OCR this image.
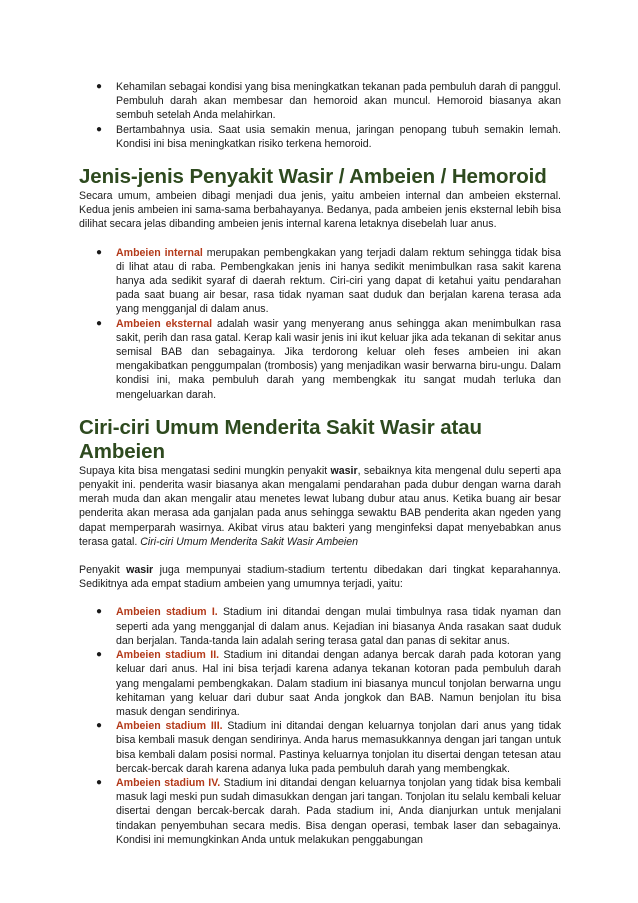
● Kehamilan sebagai kondisi yang bisa meningkatkan tekanan pada pembuluh darah di panggul. Pembuluh darah akan membesar dan hemoroid akan muncul. Hemoroid biasanya akan sembuh setelah Anda melahirkan.
● Bertambahnya usia. Saat usia semakin menua, jaringan penopang tubuh semakin lemah. Kondisi ini bisa meningkatkan risiko terkena hemoroid.
Jenis-jenis Penyakit Wasir / Ambeien / Hemoroid

Secara umum, ambeien dibagi menjadi dua jenis, yaitu ambeien internal dan ambeien eksternal. Kedua jenis ambeien ini sama-sama berbahayanya. Bedanya, pada ambeien jenis eksternal lebih bisa dilihat secara jelas dibanding ambeien jenis internal karena letaknya disebelah luar anus.

● Ambeien internal merupakan pembengkakan yang terjadi dalam rektum sehingga tidak bisa di lihat atau di raba. Pembengkakan jenis ini hanya sedikit menimbulkan rasa sakit karena hanya ada sedikit syaraf di daerah rektum. Ciri-ciri yang dapat di ketahui yaitu pendarahan pada saat buang air besar, rasa tidak nyaman saat duduk dan berjalan karena terasa ada yang mengganjal di dalam anus.
● Ambeien eksternal adalah wasir yang menyerang anus sehingga akan menimbulkan rasa sakit, perih dan rasa gatal. Kerap kali wasir jenis ini ikut keluar jika ada tekanan di sekitar anus semisal BAB dan sebagainya. Jika terdorong keluar oleh feses ambeien ini akan mengakibatkan penggumpalan (trombosis) yang menjadikan wasir berwarna biru-ungu. Dalam kondisi ini, maka pembuluh darah yang membengkak itu sangat mudah terluka dan mengeluarkan darah.
Ciri-ciri Umum Menderita Sakit Wasir atau Ambeien

Supaya kita bisa mengatasi sedini mungkin penyakit wasir, sebaiknya kita mengenal dulu seperti apa penyakit ini. penderita wasir biasanya akan mengalami pendarahan pada dubur dengan warna darah merah muda dan akan mengalir atau menetes lewat lubang dubur atau anus. Ketika buang air besar penderita akan merasa ada ganjalan pada anus sehingga sewaktu BAB penderita akan ngeden yang dapat memperparah wasirnya. Akibat virus atau bakteri yang menginfeksi dapat menyebabkan anus terasa gatal. Ciri-ciri Umum Menderita Sakit Wasir Ambeien

Penyakit wasir juga mempunyai stadium-stadium tertentu dibedakan dari tingkat keparahannya. Sedikitnya ada empat stadium ambeien yang umumnya terjadi, yaitu:

● Ambeien stadium I. Stadium ini ditandai dengan mulai timbulnya rasa tidak nyaman dan seperti ada yang mengganjal di dalam anus. Kejadian ini biasanya Anda rasakan saat duduk dan berjalan. Tanda-tanda lain adalah sering terasa gatal dan panas di sekitar anus.
● Ambeien stadium II. Stadium ini ditandai dengan adanya bercak darah pada kotoran yang keluar dari anus. Hal ini bisa terjadi karena adanya tekanan kotoran pada pembuluh darah yang mengalami pembengkakan. Dalam stadium ini biasanya muncul tonjolan berwarna ungu kehitaman yang keluar dari dubur saat Anda jongkok dan BAB. Namun benjolan itu bisa masuk dengan sendirinya.
● Ambeien stadium III. Stadium ini ditandai dengan keluarnya tonjolan dari anus yang tidak bisa kembali masuk dengan sendirinya. Anda harus memasukkannya dengan jari tangan untuk bisa kembali dalam posisi normal. Pastinya keluarnya tonjolan itu disertai dengan tetesan atau bercak-bercak darah karena adanya luka pada pembuluh darah yang membengkak.
● Ambeien stadium IV. Stadium ini ditandai dengan keluarnya tonjolan yang tidak bisa kembali masuk lagi meski pun sudah dimasukkan dengan jari tangan. Tonjolan itu selalu kembali keluar disertai dengan bercak-bercak darah. Pada stadium ini, Anda dianjurkan untuk menjalani tindakan penyembuhan secara medis. Bisa dengan operasi, tembak laser dan sebagainya. Kondisi ini memungkinkan Anda untuk melakukan penggabungan
